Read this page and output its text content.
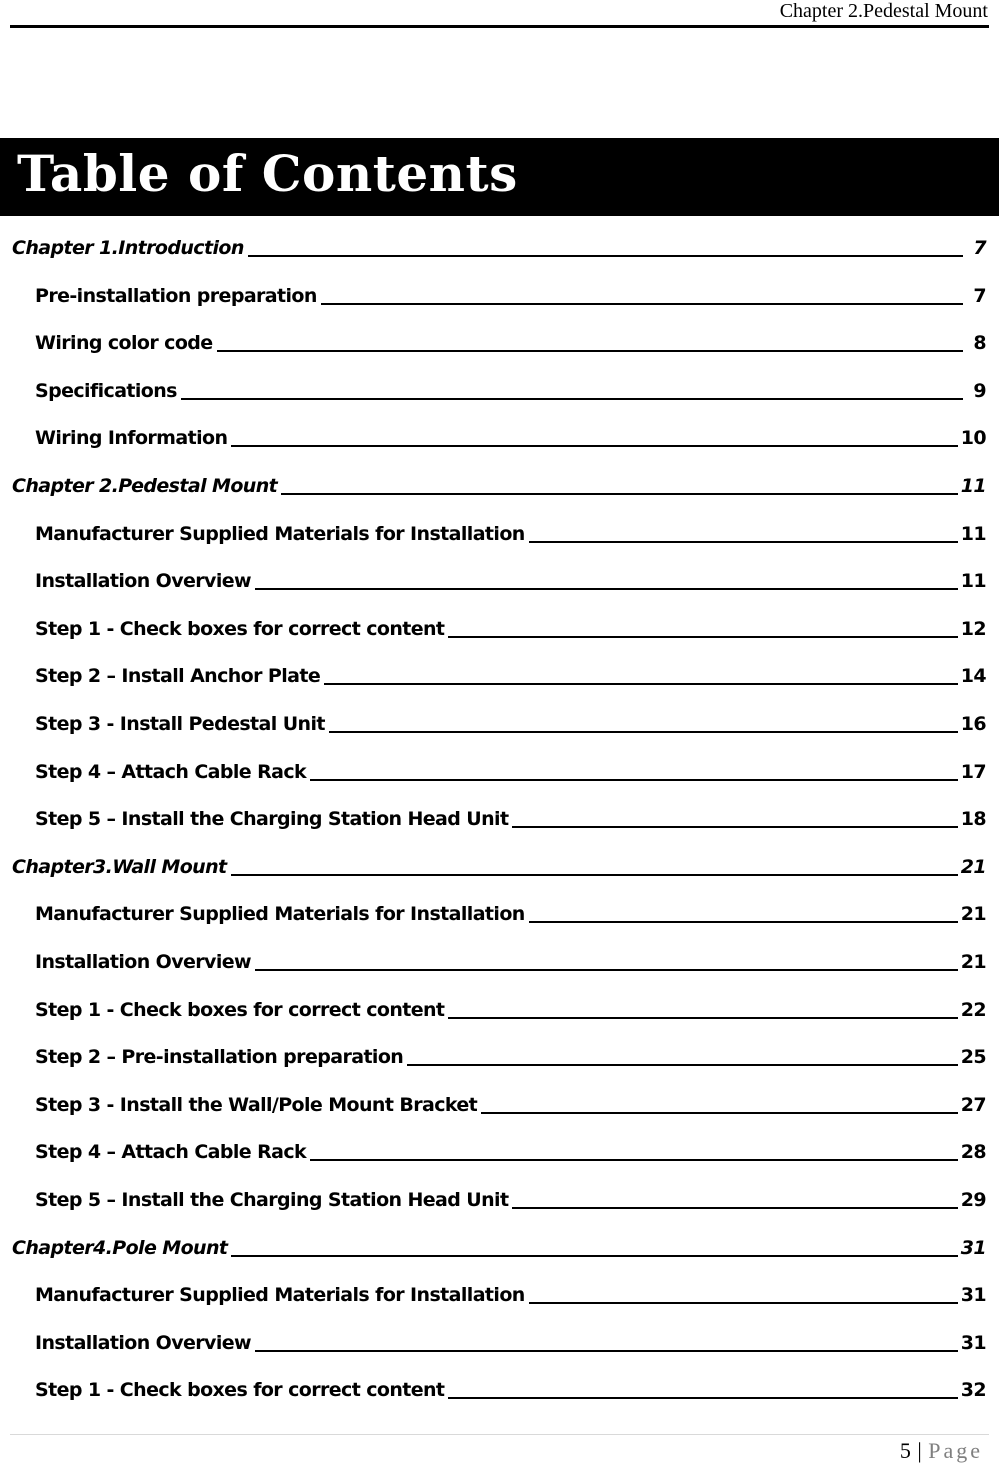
Chapter 2.Pedestal Mount
Table of Contents
Chapter 1.Introduction	7
Pre-installation preparation	7
Wiring color code	8
Specifications	9
Wiring Information	10
Chapter 2.Pedestal Mount	11
Manufacturer Supplied Materials for Installation	11
Installation Overview	11
Step 1 - Check boxes for correct content	12
Step 2 – Install Anchor Plate	14
Step 3 - Install Pedestal Unit	16
Step 4 – Attach Cable Rack	17
Step 5 – Install the Charging Station Head Unit	18
Chapter3.Wall Mount	21
Manufacturer Supplied Materials for Installation	21
Installation Overview	21
Step 1 - Check boxes for correct content	22
Step 2 – Pre-installation preparation	25
Step 3 - Install the Wall/Pole Mount Bracket	27
Step 4 – Attach Cable Rack	28
Step 5 – Install the Charging Station Head Unit	29
Chapter4.Pole Mount	31
Manufacturer Supplied Materials for Installation	31
Installation Overview	31
Step 1 - Check boxes for correct content	32
5 | Page
